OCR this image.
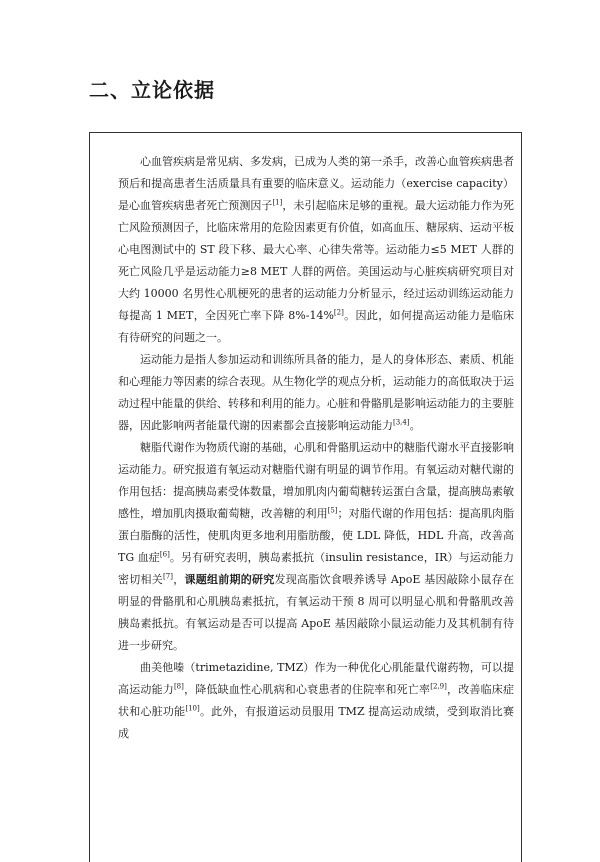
二、立论依据

心血管疾病是常见病、多发病，已成为人类的第一杀手，改善心血管疾病患者预后和提高患者生活质量具有重要的临床意义。运动能力（exercise capacity）是心血管疾病患者死亡预测因子[1]，未引起临床足够的重视。最大运动能力作为死亡风险预测因子，比临床常用的危险因素更有价值，如高血压、糖尿病、运动平板心电图测试中的 ST 段下移、最大心率、心律失常等。运动能力≤5 MET 人群的死亡风险几乎是运动能力≥8 MET 人群的两倍。美国运动与心脏疾病研究项目对大约 10000 名男性心肌梗死的患者的运动能力分析显示，经过运动训练运动能力每提高 1 MET，全因死亡率下降 8%-14%[2]。因此，如何提高运动能力是临床有待研究的问题之一。

运动能力是指人参加运动和训练所具备的能力，是人的身体形态、素质、机能和心理能力等因素的综合表现。从生物化学的观点分析，运动能力的高低取决于运动过程中能量的供给、转移和利用的能力。心脏和骨骼肌是影响运动能力的主要脏器，因此影响两者能量代谢的因素都会直接影响运动能力[3,4]。

糖脂代谢作为物质代谢的基础，心肌和骨骼肌运动中的糖脂代谢水平直接影响运动能力。研究报道有氧运动对糖脂代谢有明显的调节作用。有氧运动对糖代谢的作用包括：提高胰岛素受体数量，增加肌肉内葡萄糖转运蛋白含量，提高胰岛素敏感性，增加肌肉摄取葡萄糖，改善糖的利用[5]；对脂代谢的作用包括：提高肌肉脂蛋白脂酶的活性，使肌肉更多地利用脂肪酸，使 LDL 降低，HDL 升高，改善高 TG 血症[6]。另有研究表明，胰岛素抵抗（insulin resistance，IR）与运动能力密切相关[7]，课题组前期的研究发现高脂饮食喂养诱导 ApoE 基因敲除小鼠存在明显的骨骼肌和心肌胰岛素抵抗，有氧运动干预 8 周可以明显心肌和骨骼肌改善胰岛素抵抗。有氧运动是否可以提高 ApoE 基因敲除小鼠运动能力及其机制有待进一步研究。

曲美他嗪（trimetazidine, TMZ）作为一种优化心肌能量代谢药物，可以提高运动能力[8]，降低缺血性心肌病和心衰患者的住院率和死亡率[2,9]，改善临床症状和心脏功能[10]。此外，有报道运动员服用 TMZ 提高运动成绩，受到取消比赛成
